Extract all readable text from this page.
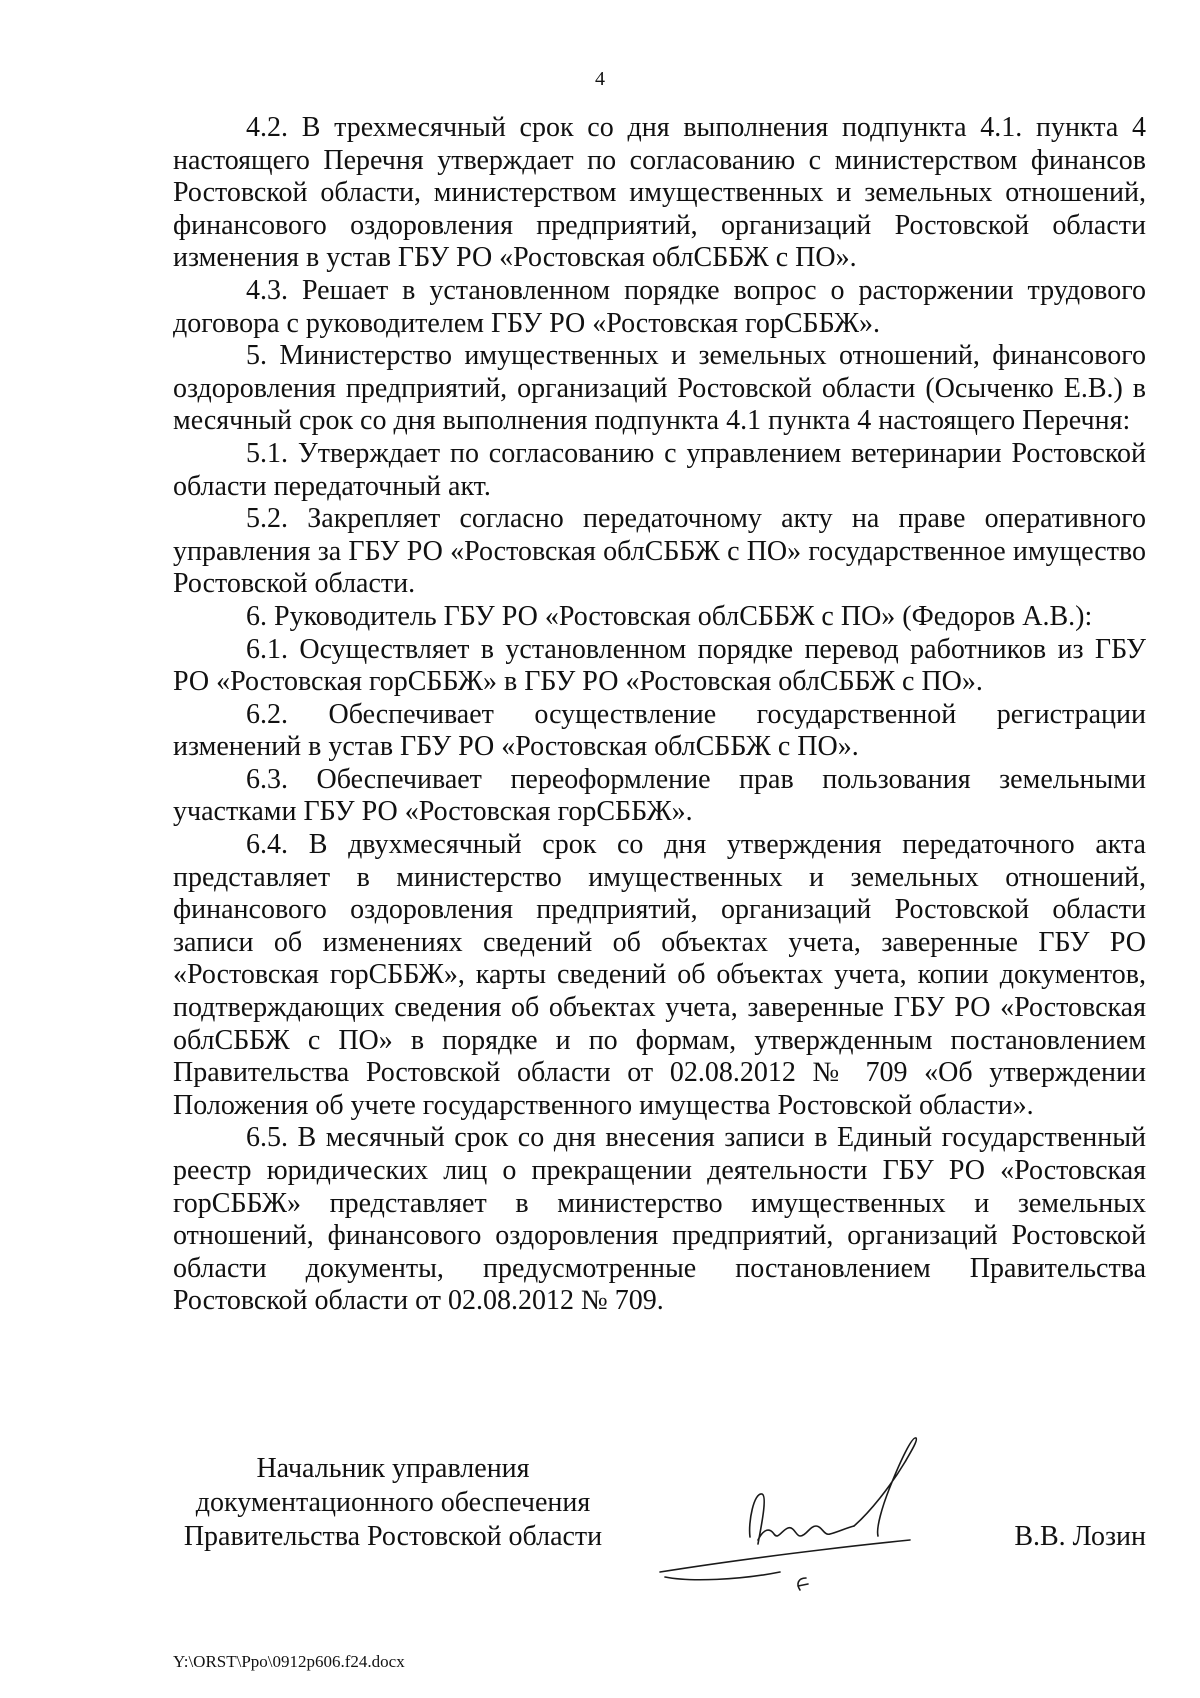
4

4.2. В трехмесячный срок со дня выполнения подпункта 4.1. пункта 4 настоящего Перечня утверждает по согласованию с министерством финансов Ростовской области, министерством имущественных и земельных отношений, финансового оздоровления предприятий, организаций Ростовской области изменения в устав ГБУ РО «Ростовская облСББЖ с ПО».

4.3. Решает в установленном порядке вопрос о расторжении трудового договора с руководителем ГБУ РО «Ростовская горСББЖ».

5. Министерство имущественных и земельных отношений, финансового оздоровления предприятий, организаций Ростовской области (Осыченко Е.В.) в месячный срок со дня выполнения подпункта 4.1 пункта 4 настоящего Перечня:

5.1. Утверждает по согласованию с управлением ветеринарии Ростовской области передаточный акт.

5.2. Закрепляет согласно передаточному акту на праве оперативного управления за ГБУ РО «Ростовская облСББЖ с ПО» государственное имущество Ростовской области.

6. Руководитель ГБУ РО «Ростовская облСББЖ с ПО» (Федоров А.В.):

6.1. Осуществляет в установленном порядке перевод работников из ГБУ РО «Ростовская горСББЖ» в ГБУ РО «Ростовская облСББЖ с ПО».

6.2. Обеспечивает осуществление государственной регистрации изменений в устав ГБУ РО «Ростовская облСББЖ с ПО».

6.3. Обеспечивает переоформление прав пользования земельными участками ГБУ РО «Ростовская горСББЖ».

6.4. В двухмесячный срок со дня утверждения передаточного акта представляет в министерство имущественных и земельных отношений, финансового оздоровления предприятий, организаций Ростовской области записи об изменениях сведений об объектах учета, заверенные ГБУ РО «Ростовская горСББЖ», карты сведений об объектах учета, копии документов, подтверждающих сведения об объектах учета, заверенные ГБУ РО «Ростовская облСББЖ с ПО» в порядке и по формам, утвержденным постановлением Правительства Ростовской области от 02.08.2012 № 709 «Об утверждении Положения об учете государственного имущества Ростовской области».

6.5. В месячный срок со дня внесения записи в Единый государственный реестр юридических лиц о прекращении деятельности ГБУ РО «Ростовская горСББЖ» представляет в министерство имущественных и земельных отношений, финансового оздоровления предприятий, организаций Ростовской области документы, предусмотренные постановлением Правительства Ростовской области от 02.08.2012 № 709.

Начальник управления
документационного обеспечения
Правительства Ростовской области	В.В. Лозин
Y:\ORST\Ppo\0912p606.f24.docx
